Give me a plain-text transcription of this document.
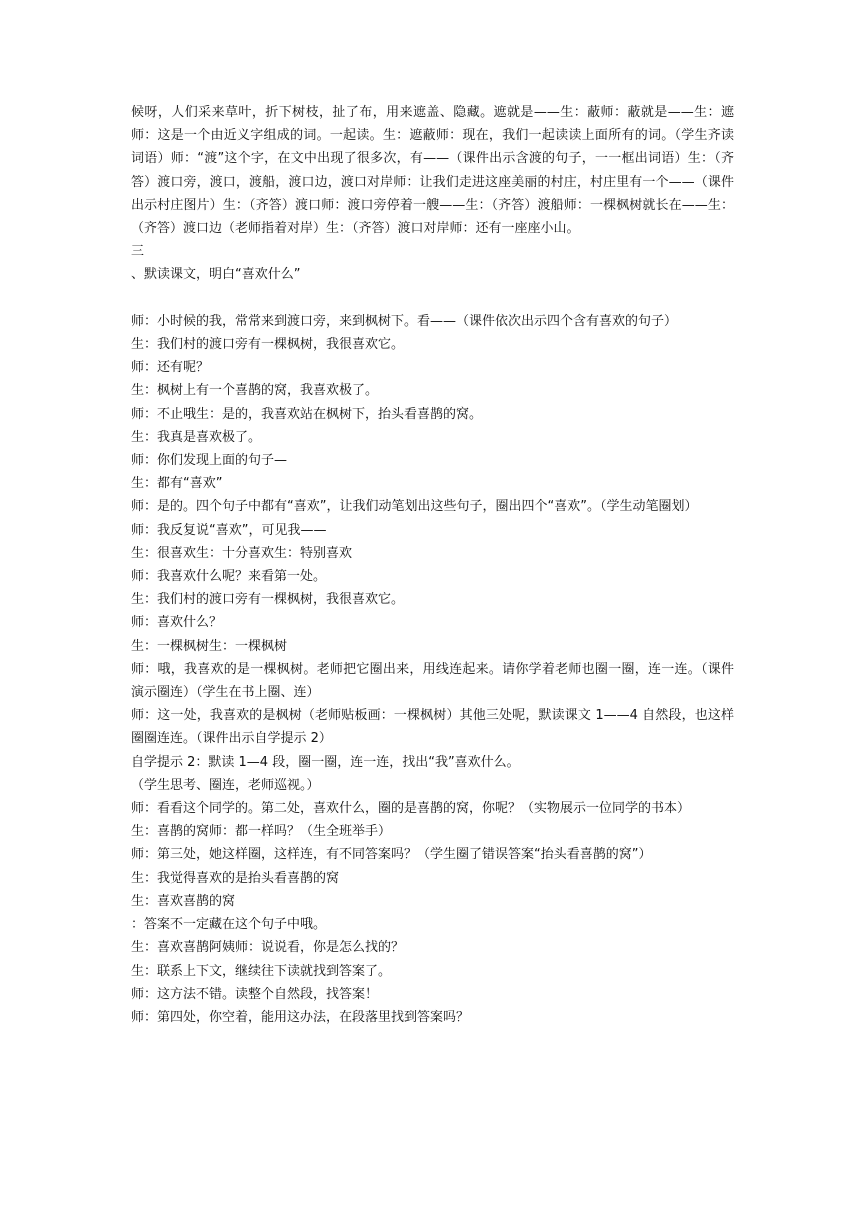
候呀，人们采来草叶，折下树枝，扯了布，用来遮盖、隐藏。遮就是——生：蔽师：蔽就是——生：遮师：这是一个由近义字组成的词。一起读。生：遮蔽师：现在，我们一起读读上面所有的词。（学生齐读词语）师：“渡”这个字，在文中出现了很多次，有——（课件出示含渡的句子，一一框出词语）生：（齐答）渡口旁，渡口，渡船，渡口边，渡口对岸师：让我们走进这座美丽的村庄，村庄里有一个——（课件出示村庄图片）生：（齐答）渡口师：渡口旁停着一艘——生：（齐答）渡船师：一棵枫树就长在——生：（齐答）渡口边（老师指着对岸）生：（齐答）渡口对岸师：还有一座座小山。

三

、默读课文，明白“喜欢什么”

师：小时候的我，常常来到渡口旁，来到枫树下。看——（课件依次出示四个含有喜欢的句子）

生：我们村的渡口旁有一棵枫树，我很喜欢它。

师：还有呢？

生：枫树上有一个喜鹊的窝，我喜欢极了。

师：不止哦生：是的，我喜欢站在枫树下，抬头看喜鹊的窝。

生：我真是喜欢极了。

师：你们发现上面的句子—

生：都有“喜欢”

师：是的。四个句子中都有“喜欢”，让我们动笔划出这些句子，圈出四个“喜欢”。（学生动笔圈划）

师：我反复说“喜欢”，可见我——

生：很喜欢生：十分喜欢生：特别喜欢

师：我喜欢什么呢？来看第一处。

生：我们村的渡口旁有一棵枫树，我很喜欢它。

师：喜欢什么？

生：一棵枫树生：一棵枫树

师：哦，我喜欢的是一棵枫树。老师把它圈出来，用线连起来。请你学着老师也圈一圈，连一连。（课件演示圈连）（学生在书上圈、连）

师：这一处，我喜欢的是枫树（老师贴板画：一棵枫树）其他三处呢，默读课文 1——4 自然段，也这样圈圈连连。（课件出示自学提示 2）

自学提示 2：默读 1—4 段，圈一圈，连一连，找出“我”喜欢什么。

（学生思考、圈连，老师巡视。）

师：看看这个同学的。第二处，喜欢什么，圈的是喜鹊的窝，你呢？（实物展示一位同学的书本）

生：喜鹊的窝师：都一样吗？（生全班举手）

师：第三处，她这样圈，这样连，有不同答案吗？（学生圈了错误答案“抬头看喜鹊的窝”）

生：我觉得喜欢的是抬头看喜鹊的窝

生：喜欢喜鹊的窝

：答案不一定藏在这个句子中哦。

生：喜欢喜鹊阿姨师：说说看，你是怎么找的？

生：联系上下文，继续往下读就找到答案了。

师：这方法不错。读整个自然段，找答案！

师：第四处，你空着，能用这办法，在段落里找到答案吗？
